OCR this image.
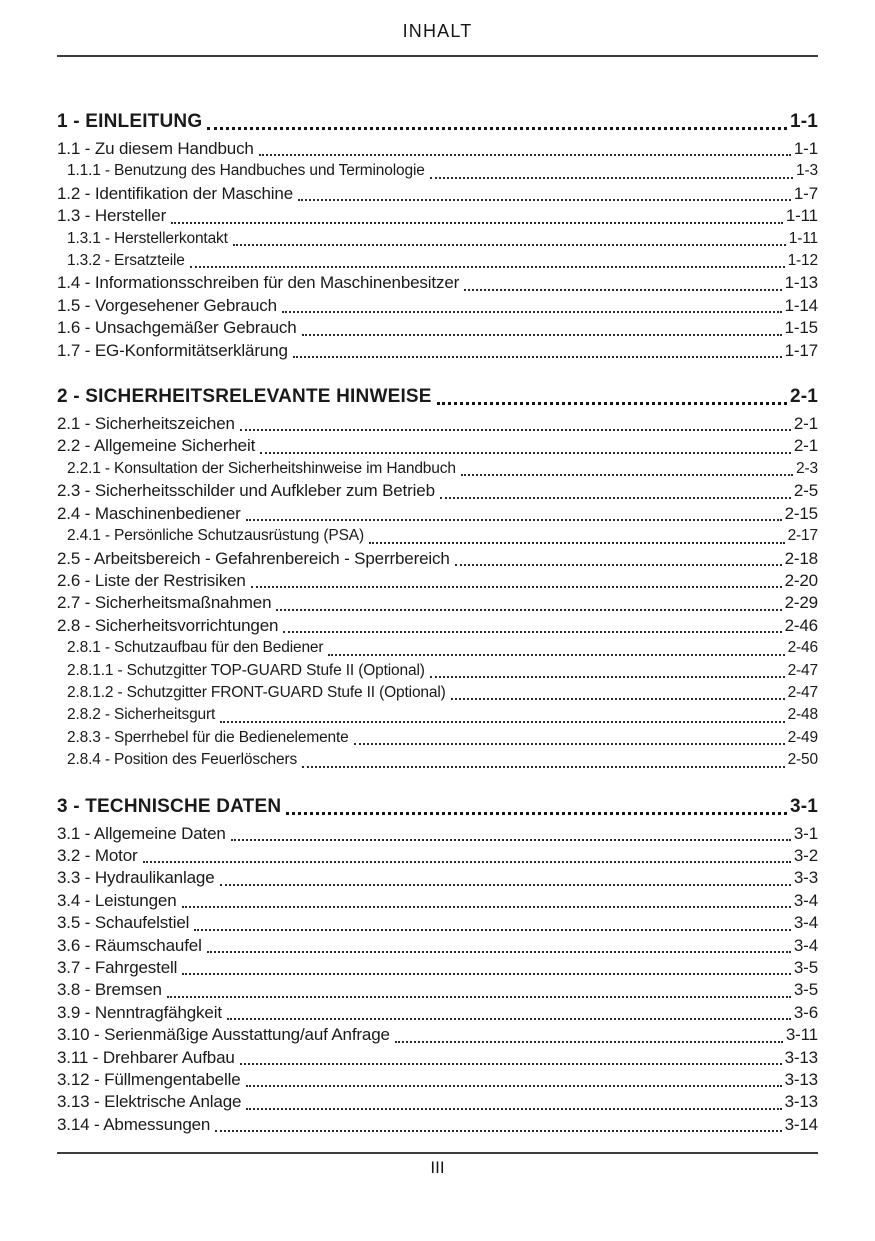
INHALT
1 - EINLEITUNG	1-1
1.1 - Zu diesem Handbuch	1-1
1.1.1 - Benutzung des Handbuches und Terminologie	1-3
1.2 - Identifikation der Maschine	1-7
1.3 - Hersteller	1-11
1.3.1 - Herstellerkontakt	1-11
1.3.2 - Ersatzteile	1-12
1.4 - Informationsschreiben für den Maschinenbesitzer	1-13
1.5 - Vorgesehener Gebrauch	1-14
1.6 - Unsachgemäßer Gebrauch	1-15
1.7 - EG-Konformitätserklärung	1-17
2 - SICHERHEITSRELEVANTE HINWEISE	2-1
2.1 - Sicherheitszeichen	2-1
2.2 - Allgemeine Sicherheit	2-1
2.2.1 - Konsultation der Sicherheitshinweise im Handbuch	2-3
2.3 - Sicherheitsschilder und Aufkleber zum Betrieb	2-5
2.4 - Maschinenbediener	2-15
2.4.1 - Persönliche Schutzausrüstung (PSA)	2-17
2.5 - Arbeitsbereich - Gefahrenbereich - Sperrbereich	2-18
2.6 - Liste der Restrisiken	2-20
2.7 - Sicherheitsmaßnahmen	2-29
2.8 - Sicherheitsvorrichtungen	2-46
2.8.1 - Schutzaufbau für den Bediener	2-46
2.8.1.1 - Schutzgitter TOP-GUARD Stufe II (Optional)	2-47
2.8.1.2 - Schutzgitter FRONT-GUARD Stufe II (Optional)	2-47
2.8.2 - Sicherheitsgurt	2-48
2.8.3 - Sperrhebel für die Bedienelemente	2-49
2.8.4 - Position des Feuerlöschers	2-50
3 - TECHNISCHE DATEN	3-1
3.1 - Allgemeine Daten	3-1
3.2 - Motor	3-2
3.3 - Hydraulikanlage	3-3
3.4 - Leistungen	3-4
3.5 - Schaufelstiel	3-4
3.6 - Räumschaufel	3-4
3.7 - Fahrgestell	3-5
3.8 - Bremsen	3-5
3.9 - Nenntragfähgkeit	3-6
3.10 - Serienmäßige Ausstattung/auf Anfrage	3-11
3.11 - Drehbarer Aufbau	3-13
3.12 - Füllmengentabelle	3-13
3.13 - Elektrische Anlage	3-13
3.14 - Abmessungen	3-14
III
